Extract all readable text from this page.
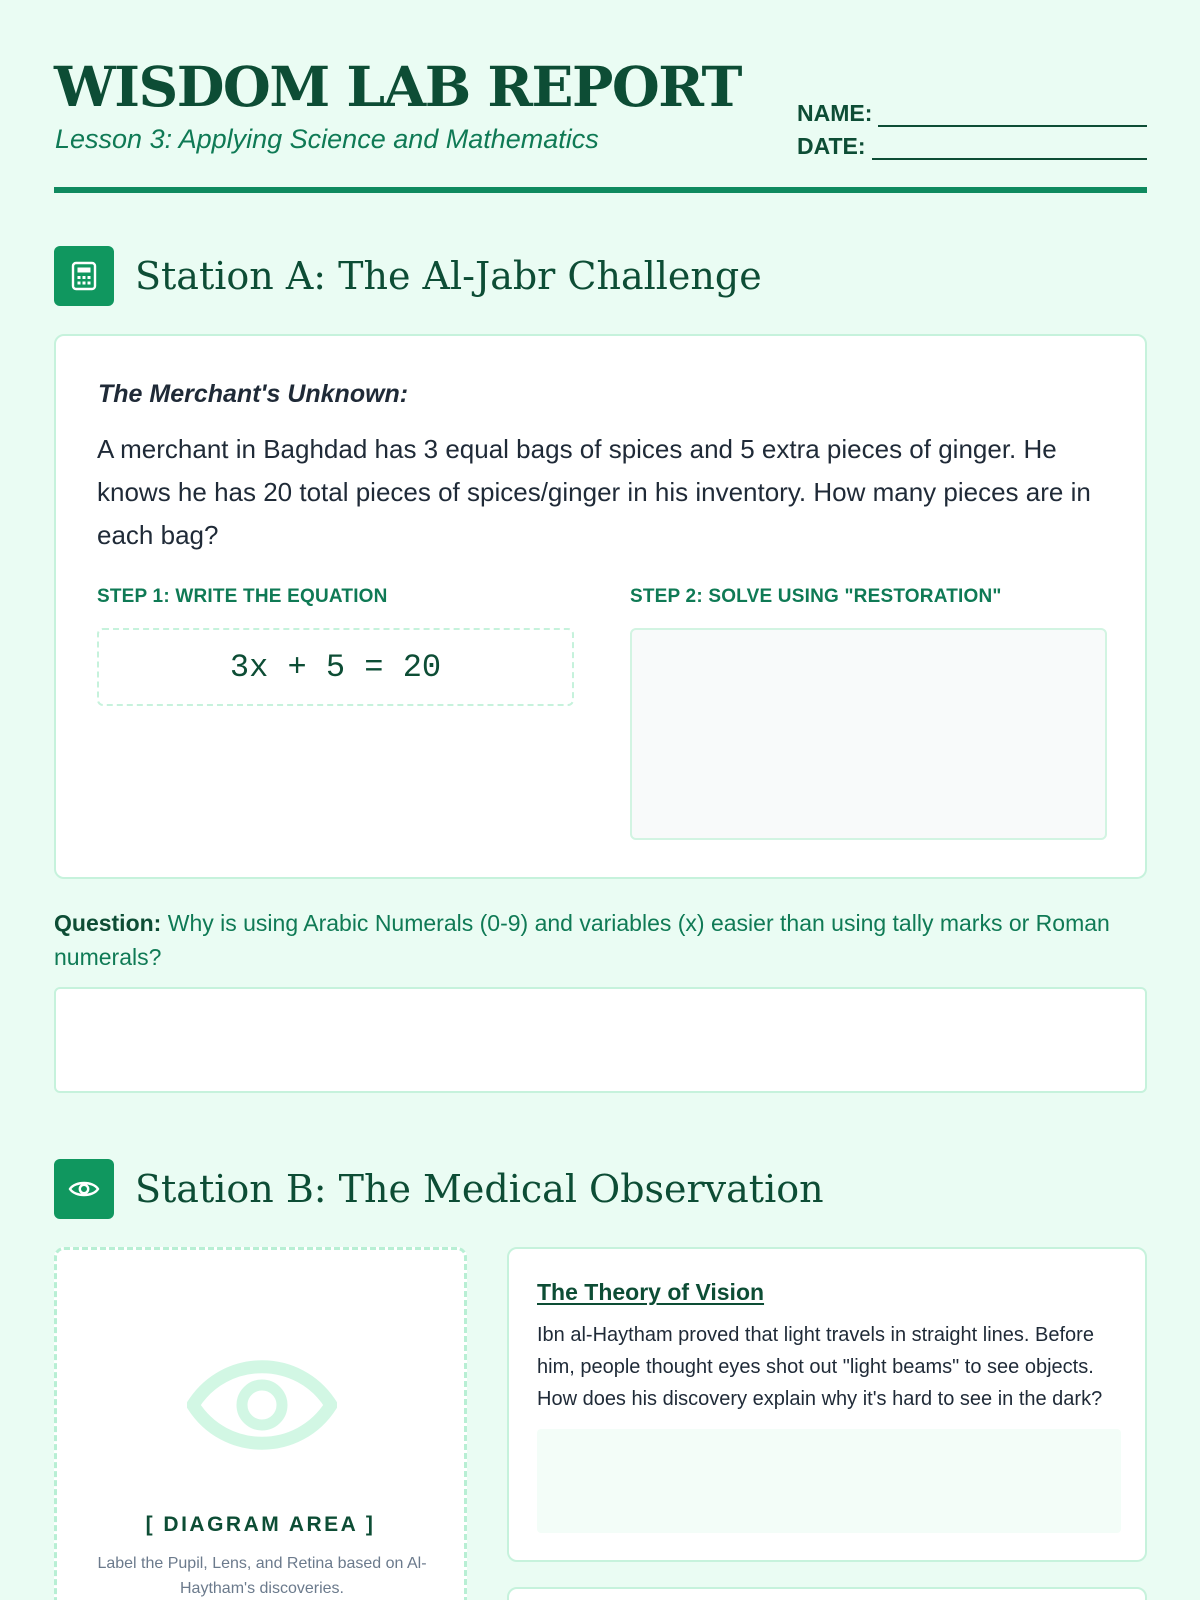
WISDOM LAB REPORT
Lesson 3: Applying Science and Mathematics
NAME:
DATE:
Station A: The Al-Jabr Challenge
The Merchant's Unknown:
A merchant in Baghdad has 3 equal bags of spices and 5 extra pieces of ginger. He knows he has 20 total pieces of spices/ginger in his inventory. How many pieces are in each bag?
STEP 1: WRITE THE EQUATION	STEP 2: SOLVE USING "RESTORATION"
3x + 5 = 20
Question: Why is using Arabic Numerals (0-9) and variables (x) easier than using tally marks or Roman numerals?
Station B: The Medical Observation
[ DIAGRAM AREA ]
Label the Pupil, Lens, and Retina based on Al-Haytham's discoveries.
The Theory of Vision
Ibn al-Haytham proved that light travels in straight lines. Before him, people thought eyes shot out "light beams" to see objects. How does his discovery explain why it's hard to see in the dark?
